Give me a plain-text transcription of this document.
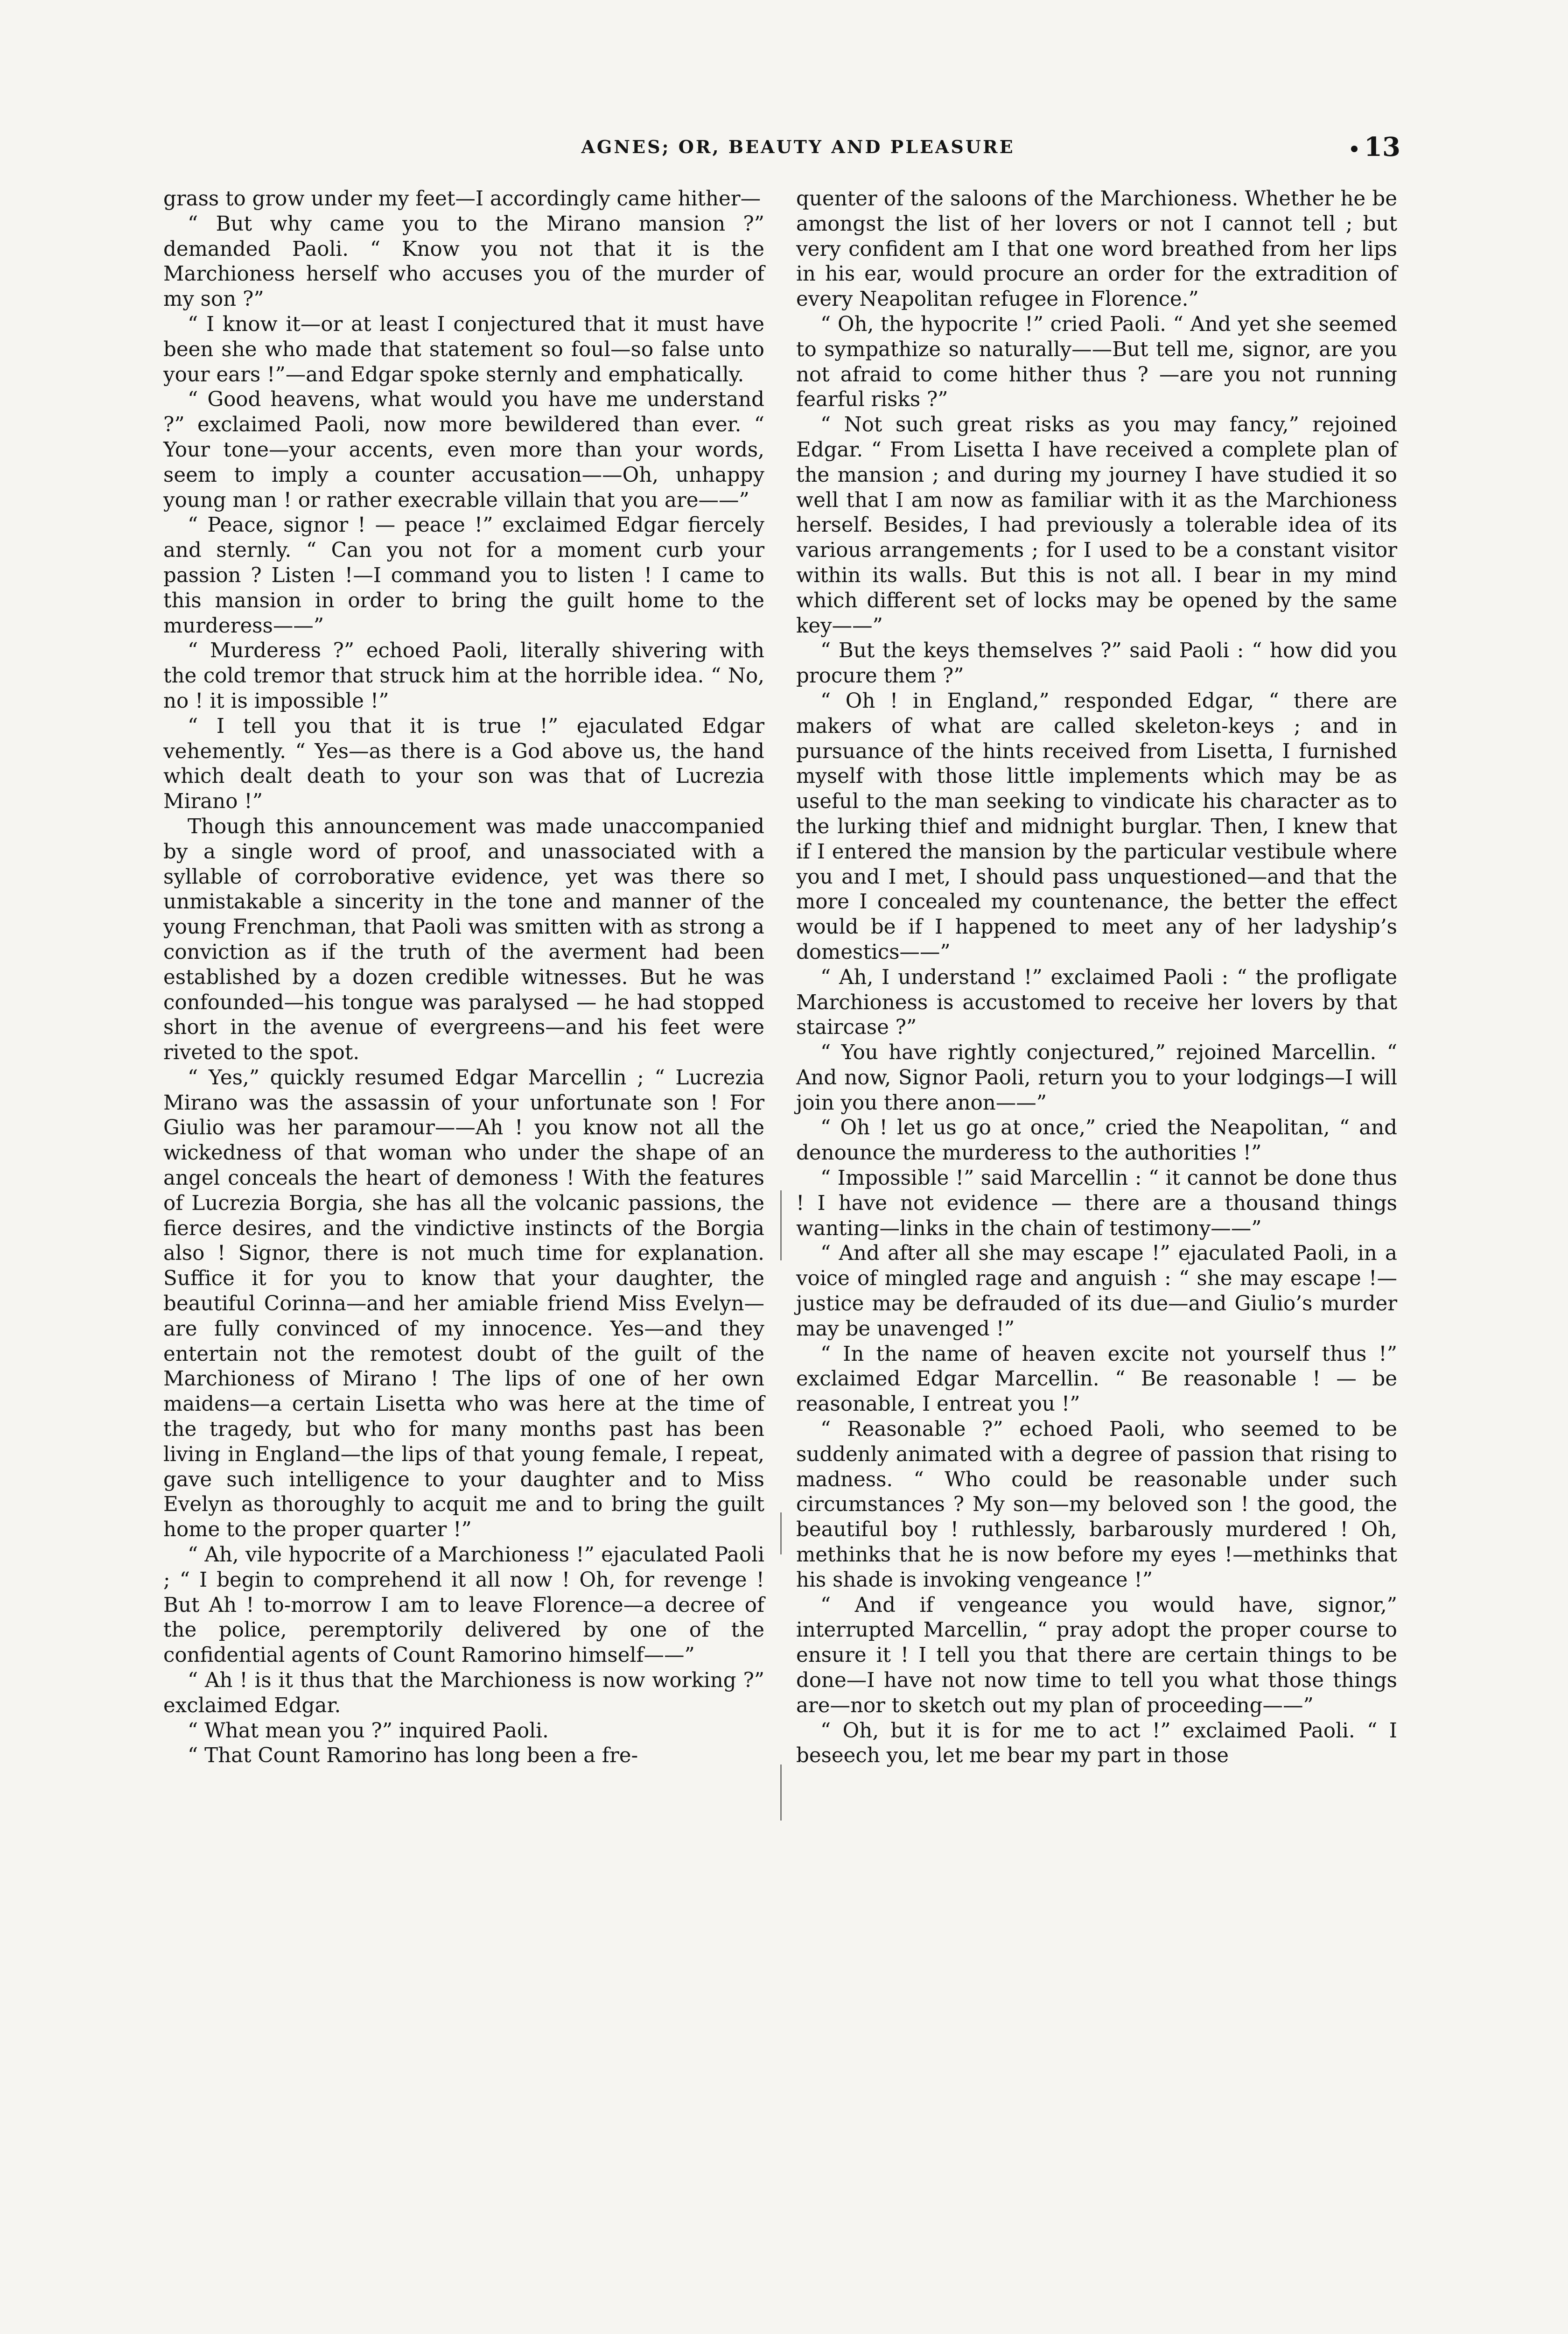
AGNES; OR, BEAUTY AND PLEASURE	13

grass to grow under my feet—I accordingly came hither—

“ But why came you to the Mirano mansion ?” demanded Paoli. “ Know you not that it is the Marchioness herself who accuses you of the murder of my son ?”

“ I know it—or at least I conjectured that it must have been she who made that statement so foul—so false unto your ears !”—and Edgar spoke sternly and emphatically.

“ Good heavens, what would you have me understand ?” exclaimed Paoli, now more bewildered than ever. “ Your tone—your accents, even more than your words, seem to imply a counter accusation——Oh, unhappy young man ! or rather execrable villain that you are——”

“ Peace, signor ! — peace !” exclaimed Edgar fiercely and sternly. “ Can you not for a moment curb your passion ? Listen !—I command you to listen ! I came to this mansion in order to bring the guilt home to the murderess——”

“ Murderess ?” echoed Paoli, literally shivering with the cold tremor that struck him at the horrible idea. “ No, no ! it is impossible !”

“ I tell you that it is true !” ejaculated Edgar vehemently. “ Yes—as there is a God above us, the hand which dealt death to your son was that of Lucrezia Mirano !”

Though this announcement was made unaccompanied by a single word of proof, and unassociated with a syllable of corroborative evidence, yet was there so unmistakable a sincerity in the tone and manner of the young Frenchman, that Paoli was smitten with as strong a conviction as if the truth of the averment had been established by a dozen credible witnesses. But he was confounded—his tongue was paralysed — he had stopped short in the avenue of evergreens—and his feet were riveted to the spot.

“ Yes,” quickly resumed Edgar Marcellin ; “ Lucrezia Mirano was the assassin of your unfortunate son ! For Giulio was her paramour——Ah ! you know not all the wickedness of that woman who under the shape of an angel conceals the heart of demoness ! With the features of Lucrezia Borgia, she has all the volcanic passions, the fierce desires, and the vindictive instincts of the Borgia also ! Signor, there is not much time for explanation. Suffice it for you to know that your daughter, the beautiful Corinna—and her amiable friend Miss Evelyn—are fully convinced of my innocence. Yes—and they entertain not the remotest doubt of the guilt of the Marchioness of Mirano ! The lips of one of her own maidens—a certain Lisetta who was here at the time of the tragedy, but who for many months past has been living in England—the lips of that young female, I repeat, gave such intelligence to your daughter and to Miss Evelyn as thoroughly to acquit me and to bring the guilt home to the proper quarter !”

“ Ah, vile hypocrite of a Marchioness !” ejaculated Paoli ; “ I begin to comprehend it all now ! Oh, for revenge ! But Ah ! to-morrow I am to leave Florence—a decree of the police, peremptorily delivered by one of the confidential agents of Count Ramorino himself——”

“ Ah ! is it thus that the Marchioness is now working ?” exclaimed Edgar.

“ What mean you ?” inquired Paoli.

“ That Count Ramorino has long been a fre-

quenter of the saloons of the Marchioness. Whether he be amongst the list of her lovers or not I cannot tell ; but very confident am I that one word breathed from her lips in his ear, would procure an order for the extradition of every Neapolitan refugee in Florence.”

“ Oh, the hypocrite !” cried Paoli. “ And yet she seemed to sympathize so naturally——But tell me, signor, are you not afraid to come hither thus ? —are you not running fearful risks ?”

“ Not such great risks as you may fancy,” rejoined Edgar. “ From Lisetta I have received a complete plan of the mansion ; and during my journey I have studied it so well that I am now as familiar with it as the Marchioness herself. Besides, I had previously a tolerable idea of its various arrangements ; for I used to be a constant visitor within its walls. But this is not all. I bear in my mind which different set of locks may be opened by the same key——”

“ But the keys themselves ?” said Paoli : “ how did you procure them ?”

“ Oh ! in England,” responded Edgar, “ there are makers of what are called skeleton-keys ; and in pursuance of the hints received from Lisetta, I furnished myself with those little implements which may be as useful to the man seeking to vindicate his character as to the lurking thief and midnight burglar. Then, I knew that if I entered the mansion by the particular vestibule where you and I met, I should pass unquestioned—and that the more I concealed my countenance, the better the effect would be if I happened to meet any of her ladyship’s domestics——”

“ Ah, I understand !” exclaimed Paoli : “ the profligate Marchioness is accustomed to receive her lovers by that staircase ?”

“ You have rightly conjectured,” rejoined Marcellin. “ And now, Signor Paoli, return you to your lodgings—I will join you there anon——”

“ Oh ! let us go at once,” cried the Neapolitan, “ and denounce the murderess to the authorities !”

“ Impossible !” said Marcellin : “ it cannot be done thus ! I have not evidence — there are a thousand things wanting—links in the chain of testimony——”

“ And after all she may escape !” ejaculated Paoli, in a voice of mingled rage and anguish : “ she may escape !—justice may be defrauded of its due—and Giulio’s murder may be unavenged !”

“ In the name of heaven excite not yourself thus !” exclaimed Edgar Marcellin. “ Be reasonable ! — be reasonable, I entreat you !”

“ Reasonable ?” echoed Paoli, who seemed to be suddenly animated with a degree of passion that rising to madness. “ Who could be reasonable under such circumstances ? My son—my beloved son ! the good, the beautiful boy ! ruthlessly, barbarously murdered ! Oh, methinks that he is now before my eyes !—methinks that his shade is invoking vengeance !”

“ And if vengeance you would have, signor,” interrupted Marcellin, “ pray adopt the proper course to ensure it ! I tell you that there are certain things to be done—I have not now time to tell you what those things are—nor to sketch out my plan of proceeding——”

“ Oh, but it is for me to act !” exclaimed Paoli. “ I beseech you, let me bear my part in those
